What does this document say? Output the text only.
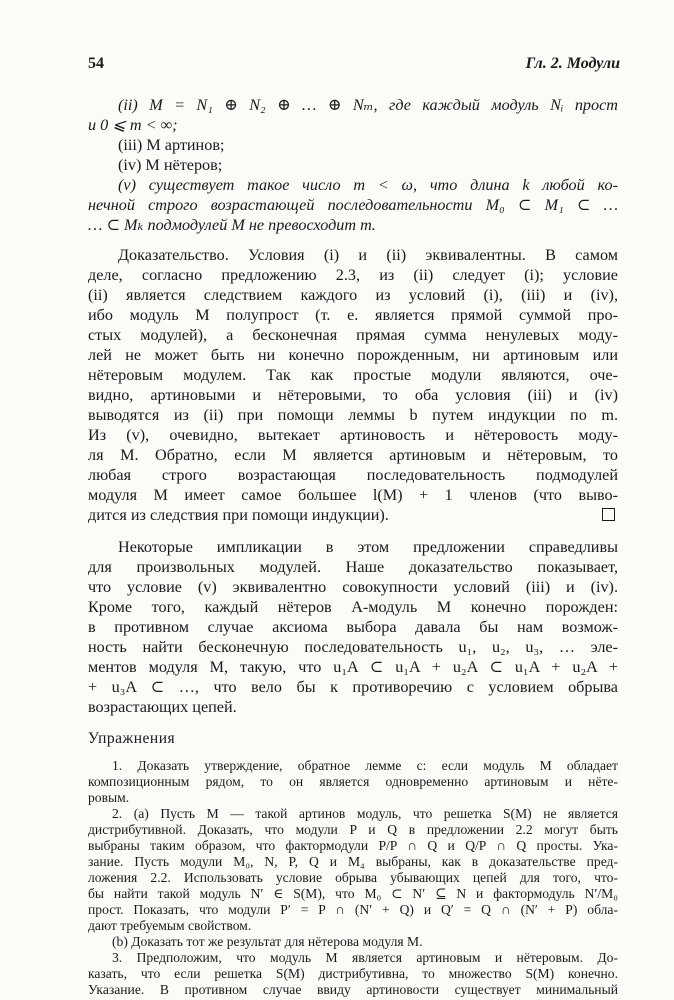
54	Гл. 2. Модули
(ii) M = N₁ ⊕ N₂ ⊕ … ⊕ Nₘ, где каждый модуль Nᵢ прост
и 0 ⩽ m < ∞;
(iii) M артинов;
(iv) M нётеров;
(v) существует такое число m < ω, что длина k любой ко-
нечной строго возрастающей последовательности M₀ ⊂ M₁ ⊂ …
… ⊂ Mₖ подмодулей M не превосходит m.
Доказательство. Условия (i) и (ii) эквивалентны. В самом
деле, согласно предложению 2.3, из (ii) следует (i); условие
(ii) является следствием каждого из условий (i), (iii) и (iv),
ибо модуль M полупрост (т. е. является прямой суммой про-
стых модулей), а бесконечная прямая сумма ненулевых моду-
лей не может быть ни конечно порожденным, ни артиновым или
нётеровым модулем. Так как простые модули являются, оче-
видно, артиновыми и нётеровыми, то оба условия (iii) и (iv)
выводятся из (ii) при помощи леммы b путем индукции по m.
Из (v), очевидно, вытекает артиновость и нётеровость моду-
ля M. Обратно, если M является артиновым и нётеровым, то
любая строго возрастающая последовательность подмодулей
модуля M имеет самое большее l(M) + 1 членов (что выво-
дится из следствия при помощи индукции).
Некоторые импликации в этом предложении справедливы
для произвольных модулей. Наше доказательство показывает,
что условие (v) эквивалентно совокупности условий (iii) и (iv).
Кроме того, каждый нётеров A-модуль M конечно порожден:
в противном случае аксиома выбора давала бы нам возмож-
ность найти бесконечную последовательность u₁, u₂, u₃, … эле-
ментов модуля M, такую, что u₁A ⊂ u₁A + u₂A ⊂ u₁A + u₂A +
+ u₃A ⊂ …, что вело бы к противоречию с условием обрыва
возрастающих цепей.
Упражнения
1. Доказать утверждение, обратное лемме c: если модуль M обладает
композиционным рядом, то он является одновременно артиновым и нёте-
ровым.
2. (a) Пусть M — такой артинов модуль, что решетка S(M) не является
дистрибутивной. Доказать, что модули P и Q в предложении 2.2 могут быть
выбраны таким образом, что фактормодули P/P ∩ Q и Q/P ∩ Q просты. Ука-
зание. Пусть модули M₀, N, P, Q и M₄ выбраны, как в доказательстве пред-
ложения 2.2. Использовать условие обрыва убывающих цепей для того, что-
бы найти такой модуль N′ ∈ S(M), что M₀ ⊂ N′ ⊆ N и фактормодуль N′/M₀
прост. Показать, что модули P′ = P ∩ (N′ + Q) и Q′ = Q ∩ (N′ + P) обла-
дают требуемым свойством.
(b) Доказать тот же результат для нётерова модуля M.
3. Предположим, что модуль M является артиновым и нётеровым. До-
казать, что если решетка S(M) дистрибутивна, то множество S(M) конечно.
Указание. В противном случае ввиду артиновости существует минимальный
